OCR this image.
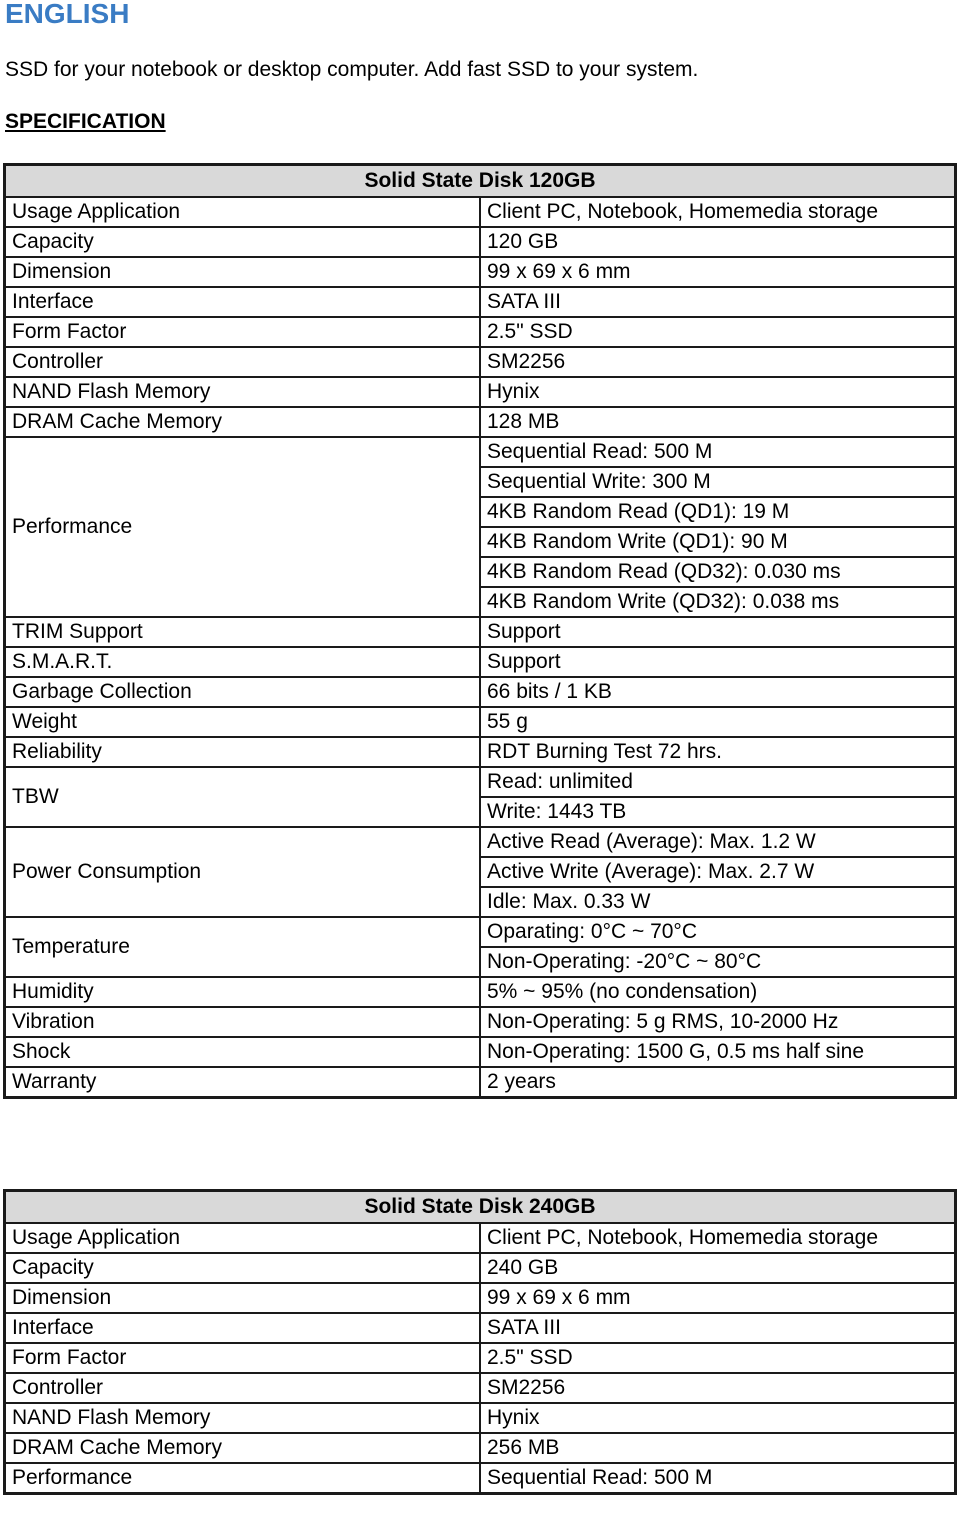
ENGLISH

SSD for your notebook or desktop computer. Add fast SSD to your system.

SPECIFICATION

Solid State Disk 120GB	
Usage Application	Client PC, Notebook, Homemedia storage
Capacity	120 GB
Dimension	99 x 69 x 6 mm
Interface	SATA III
Form Factor	2.5" SSD
Controller	SM2256
NAND Flash Memory	Hynix
DRAM Cache Memory	128 MB
Performance	Sequential Read: 500 M
	Sequential Write: 300 M
	4KB Random Read (QD1): 19 M
	4KB Random Write (QD1): 90 M
	4KB Random Read (QD32): 0.030 ms
	4KB Random Write (QD32): 0.038 ms
TRIM Support	Support
S.M.A.R.T.	Support
Garbage Collection	66 bits / 1 KB
Weight	55 g
Reliability	RDT Burning Test 72 hrs.
TBW	Read: unlimited
	Write: 1443 TB
Power Consumption	Active Read (Average): Max. 1.2 W
	Active Write (Average): Max. 2.7 W
	Idle: Max. 0.33 W
Temperature	Oparating: 0°C ~ 70°C
	Non-Operating: -20°C ~ 80°C
Humidity	5% ~ 95% (no condensation)
Vibration	Non-Operating: 5 g RMS, 10-2000 Hz
Shock	Non-Operating: 1500 G, 0.5 ms half sine
Warranty	2 years
Solid State Disk 240GB	
Usage Application	Client PC, Notebook, Homemedia storage
Capacity	240 GB
Dimension	99 x 69 x 6 mm
Interface	SATA III
Form Factor	2.5" SSD
Controller	SM2256
NAND Flash Memory	Hynix
DRAM Cache Memory	256 MB
Performance	Sequential Read: 500 M
